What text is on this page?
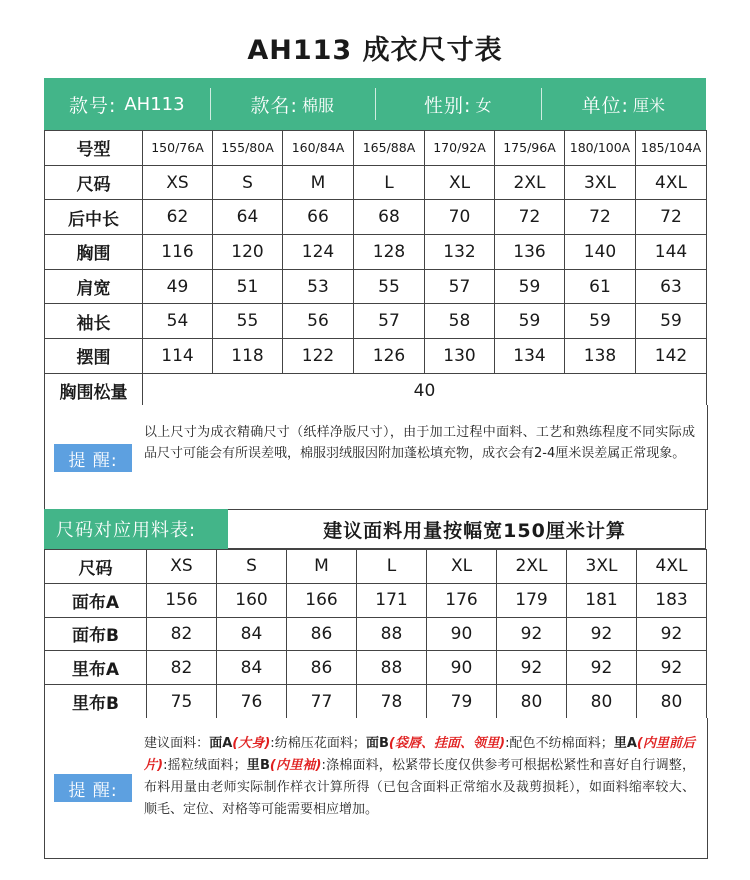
AH113 成衣尺寸表
款号: AH113	款名: 棉服	性别: 女	单位: 厘米
号型	150/76A	155/80A	160/84A	165/88A	170/92A	175/96A	180/100A	185/104A
尺码	XS	S	M	L	XL	2XL	3XL	4XL
后中长	62	64	66	68	70	72	72	72
胸围	116	120	124	128	132	136	140	144
肩宽	49	51	53	55	57	59	61	63
袖长	54	55	56	57	58	59	59	59
摆围	114	118	122	126	130	134	138	142
胸围松量	40							
提 醒:
以上尺寸为成衣精确尺寸（纸样净版尺寸），由于加工过程中面料、工艺和熟练程度不同实际成品尺寸可能会有所误差哦，棉服羽绒服因附加蓬松填充物，成衣会有2-4厘米误差属正常现象。
尺码对应用料表:	建议面料用量按幅宽150厘米计算
尺码	XS	S	M	L	XL	2XL	3XL	4XL
面布A	156	160	166	171	176	179	181	183
面布B	82	84	86	88	90	92	92	92
里布A	82	84	86	88	90	92	92	92
里布B	75	76	77	78	79	80	80	80
提 醒:
建议面料：面A(大身):纺棉压花面料；面B(袋唇、挂面、领里):配色不纺棉面料；里A(内里前后片):摇粒绒面料；里B(内里袖):涤棉面料，松紧带长度仅供参考可根据松紧性和喜好自行调整，布料用量由老师实际制作样衣计算所得（已包含面料正常缩水及裁剪损耗），如面料缩率较大、顺毛、定位、对格等可能需要相应增加。
